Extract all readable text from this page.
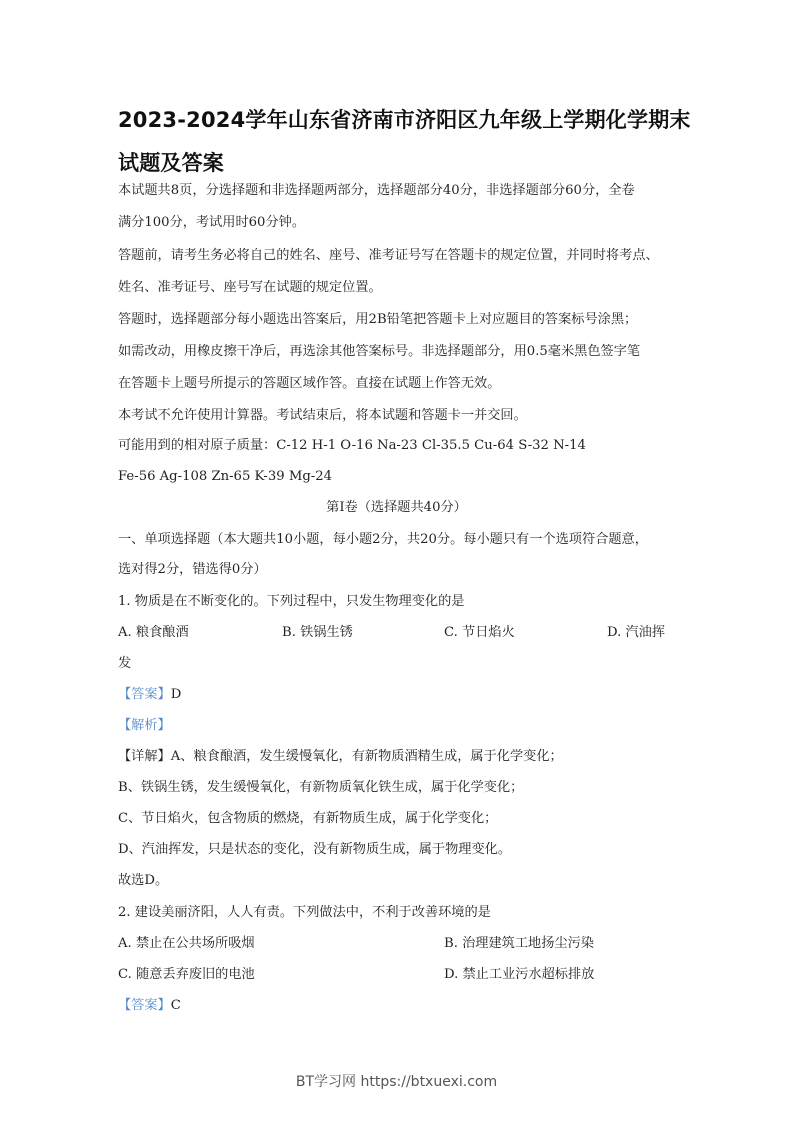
2023-2024学年山东省济南市济阳区九年级上学期化学期末
试题及答案
本试题共8页，分选择题和非选择题两部分，选择题部分40分，非选择题部分60分，全卷
满分100分，考试用时60分钟。
答题前，请考生务必将自己的姓名、座号、准考证号写在答题卡的规定位置，并同时将考点、
姓名、准考证号、座号写在试题的规定位置。
答题时，选择题部分每小题选出答案后，用2B铅笔把答题卡上对应题目的答案标号涂黑；
如需改动，用橡皮擦干净后，再选涂其他答案标号。非选择题部分，用0.5毫米黑色签字笔
在答题卡上题号所提示的答题区域作答。直接在试题上作答无效。
本考试不允许使用计算器。考试结束后，将本试题和答题卡一并交回。
可能用到的相对原子质量：C-12 H-1 O-16 Na-23 Cl-35.5 Cu-64 S-32 N-14
Fe-56 Ag-108 Zn-65 K-39 Mg-24
第Ⅰ卷（选择题共40分）
一、单项选择题（本大题共10小题，每小题2分，共20分。每小题只有一个选项符合题意，
选对得2分，错选得0分）
1. 物质是在不断变化的。下列过程中，只发生物理变化的是
A. 粮食酿酒	B. 铁锅生锈	C. 节日焰火	D. 汽油挥
发
【答案】D
【解析】
【详解】A、粮食酿酒，发生缓慢氧化，有新物质酒精生成，属于化学变化；
B、铁锅生锈，发生缓慢氧化，有新物质氧化铁生成，属于化学变化；
C、节日焰火，包含物质的燃烧，有新物质生成，属于化学变化；
D、汽油挥发，只是状态的变化，没有新物质生成，属于物理变化。
故选D。
2. 建设美丽济阳，人人有责。下列做法中，不利于改善环境的是
A. 禁止在公共场所吸烟	B. 治理建筑工地扬尘污染
C. 随意丢弃废旧的电池	D. 禁止工业污水超标排放
【答案】C
BT学习网 https://btxuexi.com
